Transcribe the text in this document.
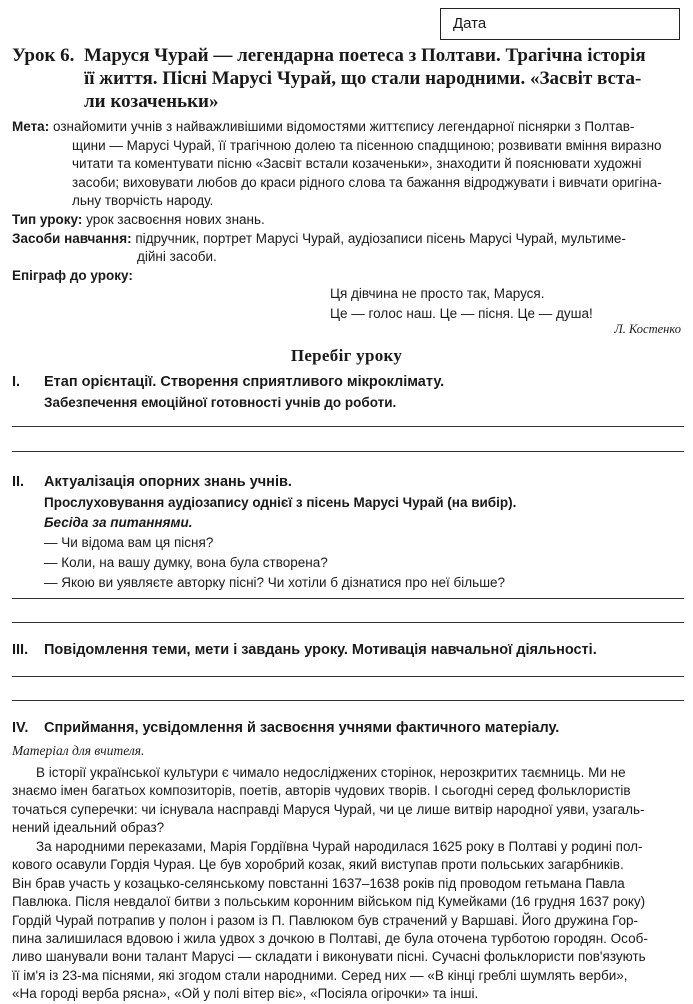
Дата
Урок 6. Маруся Чурай — легендарна поетеса з Полтави. Трагічна історія
її життя. Пісні Марусі Чурай, що стали народними. «Засвіт вста-
ли козаченьки»
Мета: ознайомити учнів з найважливішими відомостями життєпису легендарної піснярки з Полтав-
щини — Марусі Чурай, її трагічною долею та пісенною спадщиною; розвивати вміння виразно
читати та коментувати пісню «Засвіт встали козаченьки», знаходити й пояснювати художні
засоби; виховувати любов до краси рідного слова та бажання відроджувати і вивчати оригіна-
льну творчість народу.
Тип уроку: урок засвоєння нових знань.
Засоби навчання: підручник, портрет Марусі Чурай, аудіозаписи пісень Марусі Чурай, мультиме-
дійні засоби.
Епіграф до уроку:
Ця дівчина не просто так, Маруся.
Це — голос наш. Це — пісня. Це — душа!
Л. Костенко
Перебіг уроку
I. Етап орієнтації. Створення сприятливого мікроклімату.
Забезпечення емоційної готовності учнів до роботи.
II. Актуалізація опорних знань учнів.
Прослуховування аудіозапису однієї з пісень Марусі Чурай (на вибір).
Бесіда за питаннями.
— Чи відома вам ця пісня?
— Коли, на вашу думку, вона була створена?
— Якою ви уявляєте авторку пісні? Чи хотіли б дізнатися про неї більше?
III. Повідомлення теми, мети і завдань уроку. Мотивація навчальної діяльності.
IV. Сприймання, усвідомлення й засвоєння учнями фактичного матеріалу.
Матеріал для вчителя.
В історії української культури є чимало недосліджених сторінок, нерозкритих таємниць. Ми не
знаємо імен багатьох композиторів, поетів, авторів чудових творів. І сьогодні серед фольклористів
точаться суперечки: чи існувала насправді Маруся Чурай, чи це лише витвір народної уяви, узагаль-
нений ідеальний образ?
За народними переказами, Марія Гордіївна Чурай народилася 1625 року в Полтаві у родині пол-
кового осавули Гордія Чурая. Це був хоробрий козак, який виступав проти польських загарбників.
Він брав участь у козацько-селянському повстанні 1637–1638 років під проводом гетьмана Павла
Павлюка. Після невдалої битви з польським коронним військом під Кумейками (16 грудня 1637 року)
Гордій Чурай потрапив у полон і разом із П. Павлюком був страчений у Варшаві. Його дружина Гор-
пина залишилася вдовою і жила удвох з дочкою в Полтаві, де була оточена турботою городян. Особ-
ливо шанували вони талант Марусі — складати і виконувати пісні. Сучасні фольклористи пов'язують
її ім'я із 23-ма піснями, які згодом стали народними. Серед них — «В кінці греблі шумлять верби»,
«На городі верба рясна», «Ой у полі вітер віє», «Посіяла огірочки» та інші.
